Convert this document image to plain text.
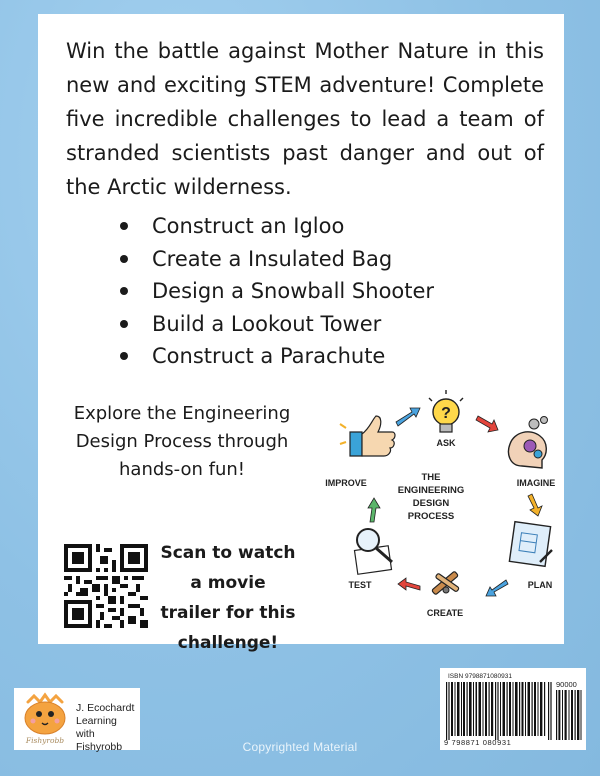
Win the battle against Mother Nature in this new and exciting STEM adventure! Complete five incredible challenges to lead a team of stranded scientists past danger and out of the Arctic wilderness.

Construct an Igloo
Create a Insulated Bag
Design a Snowball Shooter
Build a Lookout Tower
Construct a Parachute

Explore the Engineering Design Process through hands-on fun!

Scan to watch a movie trailer for this challenge!

THE
ENGINEERING
DESIGN
PROCESS
?
ASK
IMAGINE
PLAN
CREATE
TEST
IMPROVE
Fishyrobb

J. Ecochardt
Learning with
Fishyrobb

ISBN 9798871080931
90000
9 798871 080931
Copyrighted Material
